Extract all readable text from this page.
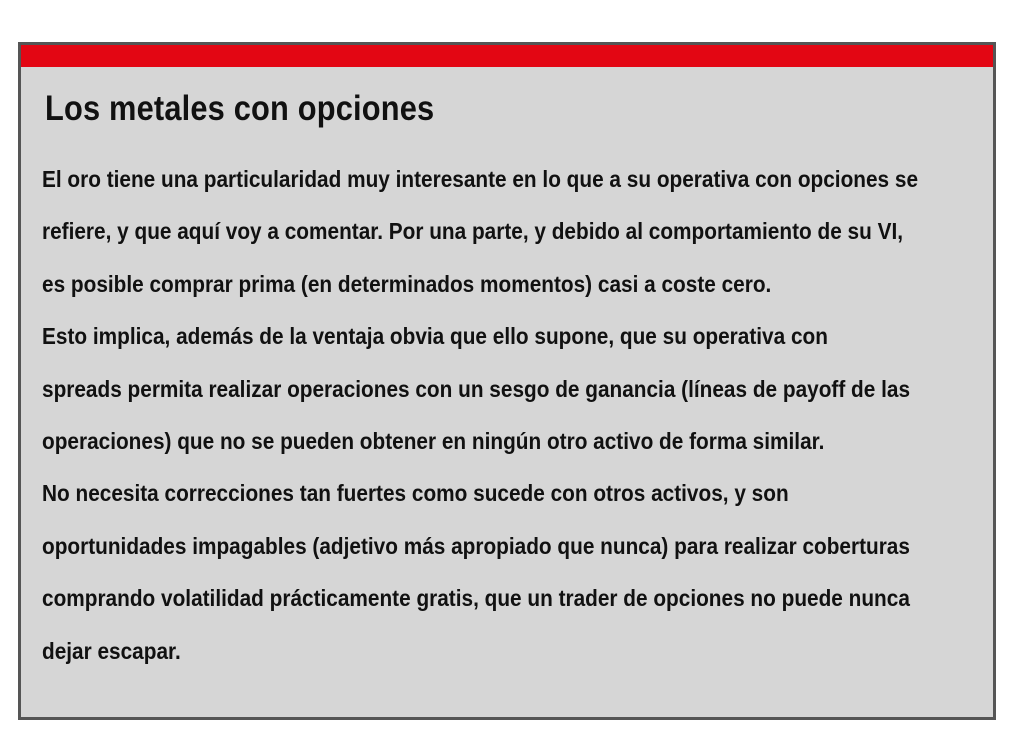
Los metales con opciones
El oro tiene una particularidad muy interesante en lo que a su operativa con opciones se
refiere, y que aquí voy a comentar. Por una parte, y debido al comportamiento de su VI,
es posible comprar prima (en determinados momentos) casi a coste cero.
Esto implica, además de la ventaja obvia que ello supone, que su operativa con
spreads permita realizar operaciones con un sesgo de ganancia (líneas de payoff de las
operaciones) que no se pueden obtener en ningún otro activo de forma similar.
No necesita correcciones tan fuertes como sucede con otros activos, y son
oportunidades impagables (adjetivo más apropiado que nunca) para realizar coberturas
comprando volatilidad prácticamente gratis, que un trader de opciones no puede nunca
dejar escapar.
